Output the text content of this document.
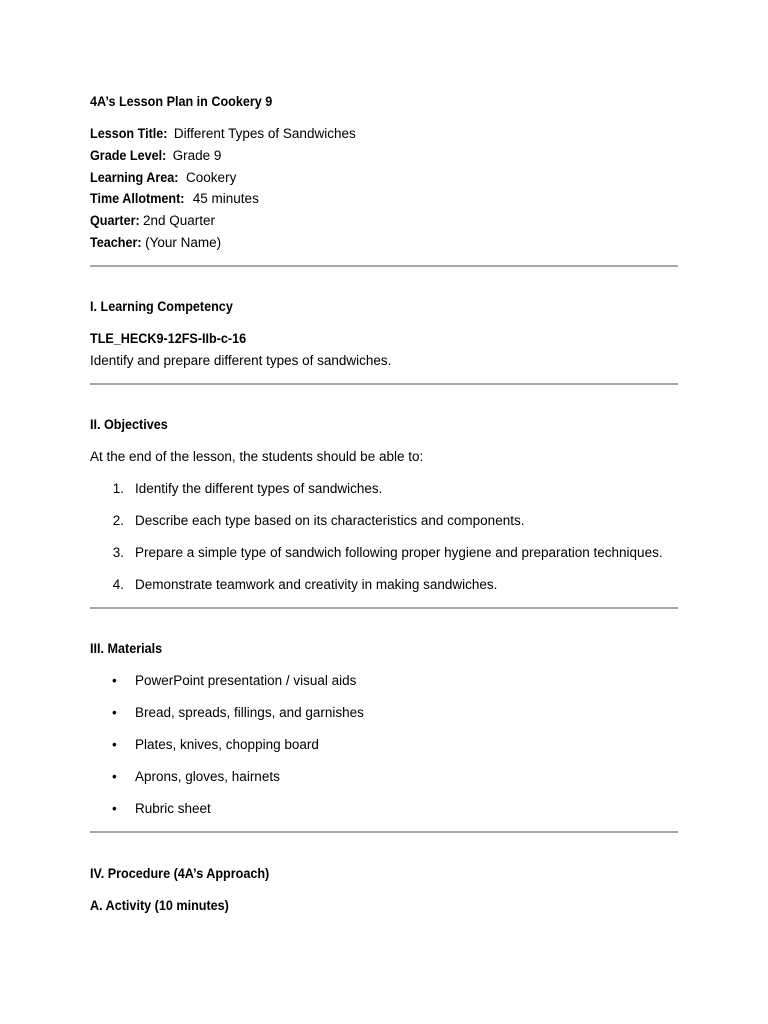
4A’s Lesson Plan in Cookery 9
Lesson Title: Different Types of Sandwiches
Grade Level: Grade 9
Learning Area: Cookery
Time Allotment: 45 minutes
Quarter: 2nd Quarter
Teacher: (Your Name)
I. Learning Competency
TLE_HECK9-12FS-IIb-c-16
Identify and prepare different types of sandwiches.
II. Objectives
At the end of the lesson, the students should be able to:
1. Identify the different types of sandwiches.
2. Describe each type based on its characteristics and components.
3. Prepare a simple type of sandwich following proper hygiene and preparation techniques.
4. Demonstrate teamwork and creativity in making sandwiches.
III. Materials
• PowerPoint presentation / visual aids
• Bread, spreads, fillings, and garnishes
• Plates, knives, chopping board
• Aprons, gloves, hairnets
• Rubric sheet
IV. Procedure (4A’s Approach)
A. Activity (10 minutes)
